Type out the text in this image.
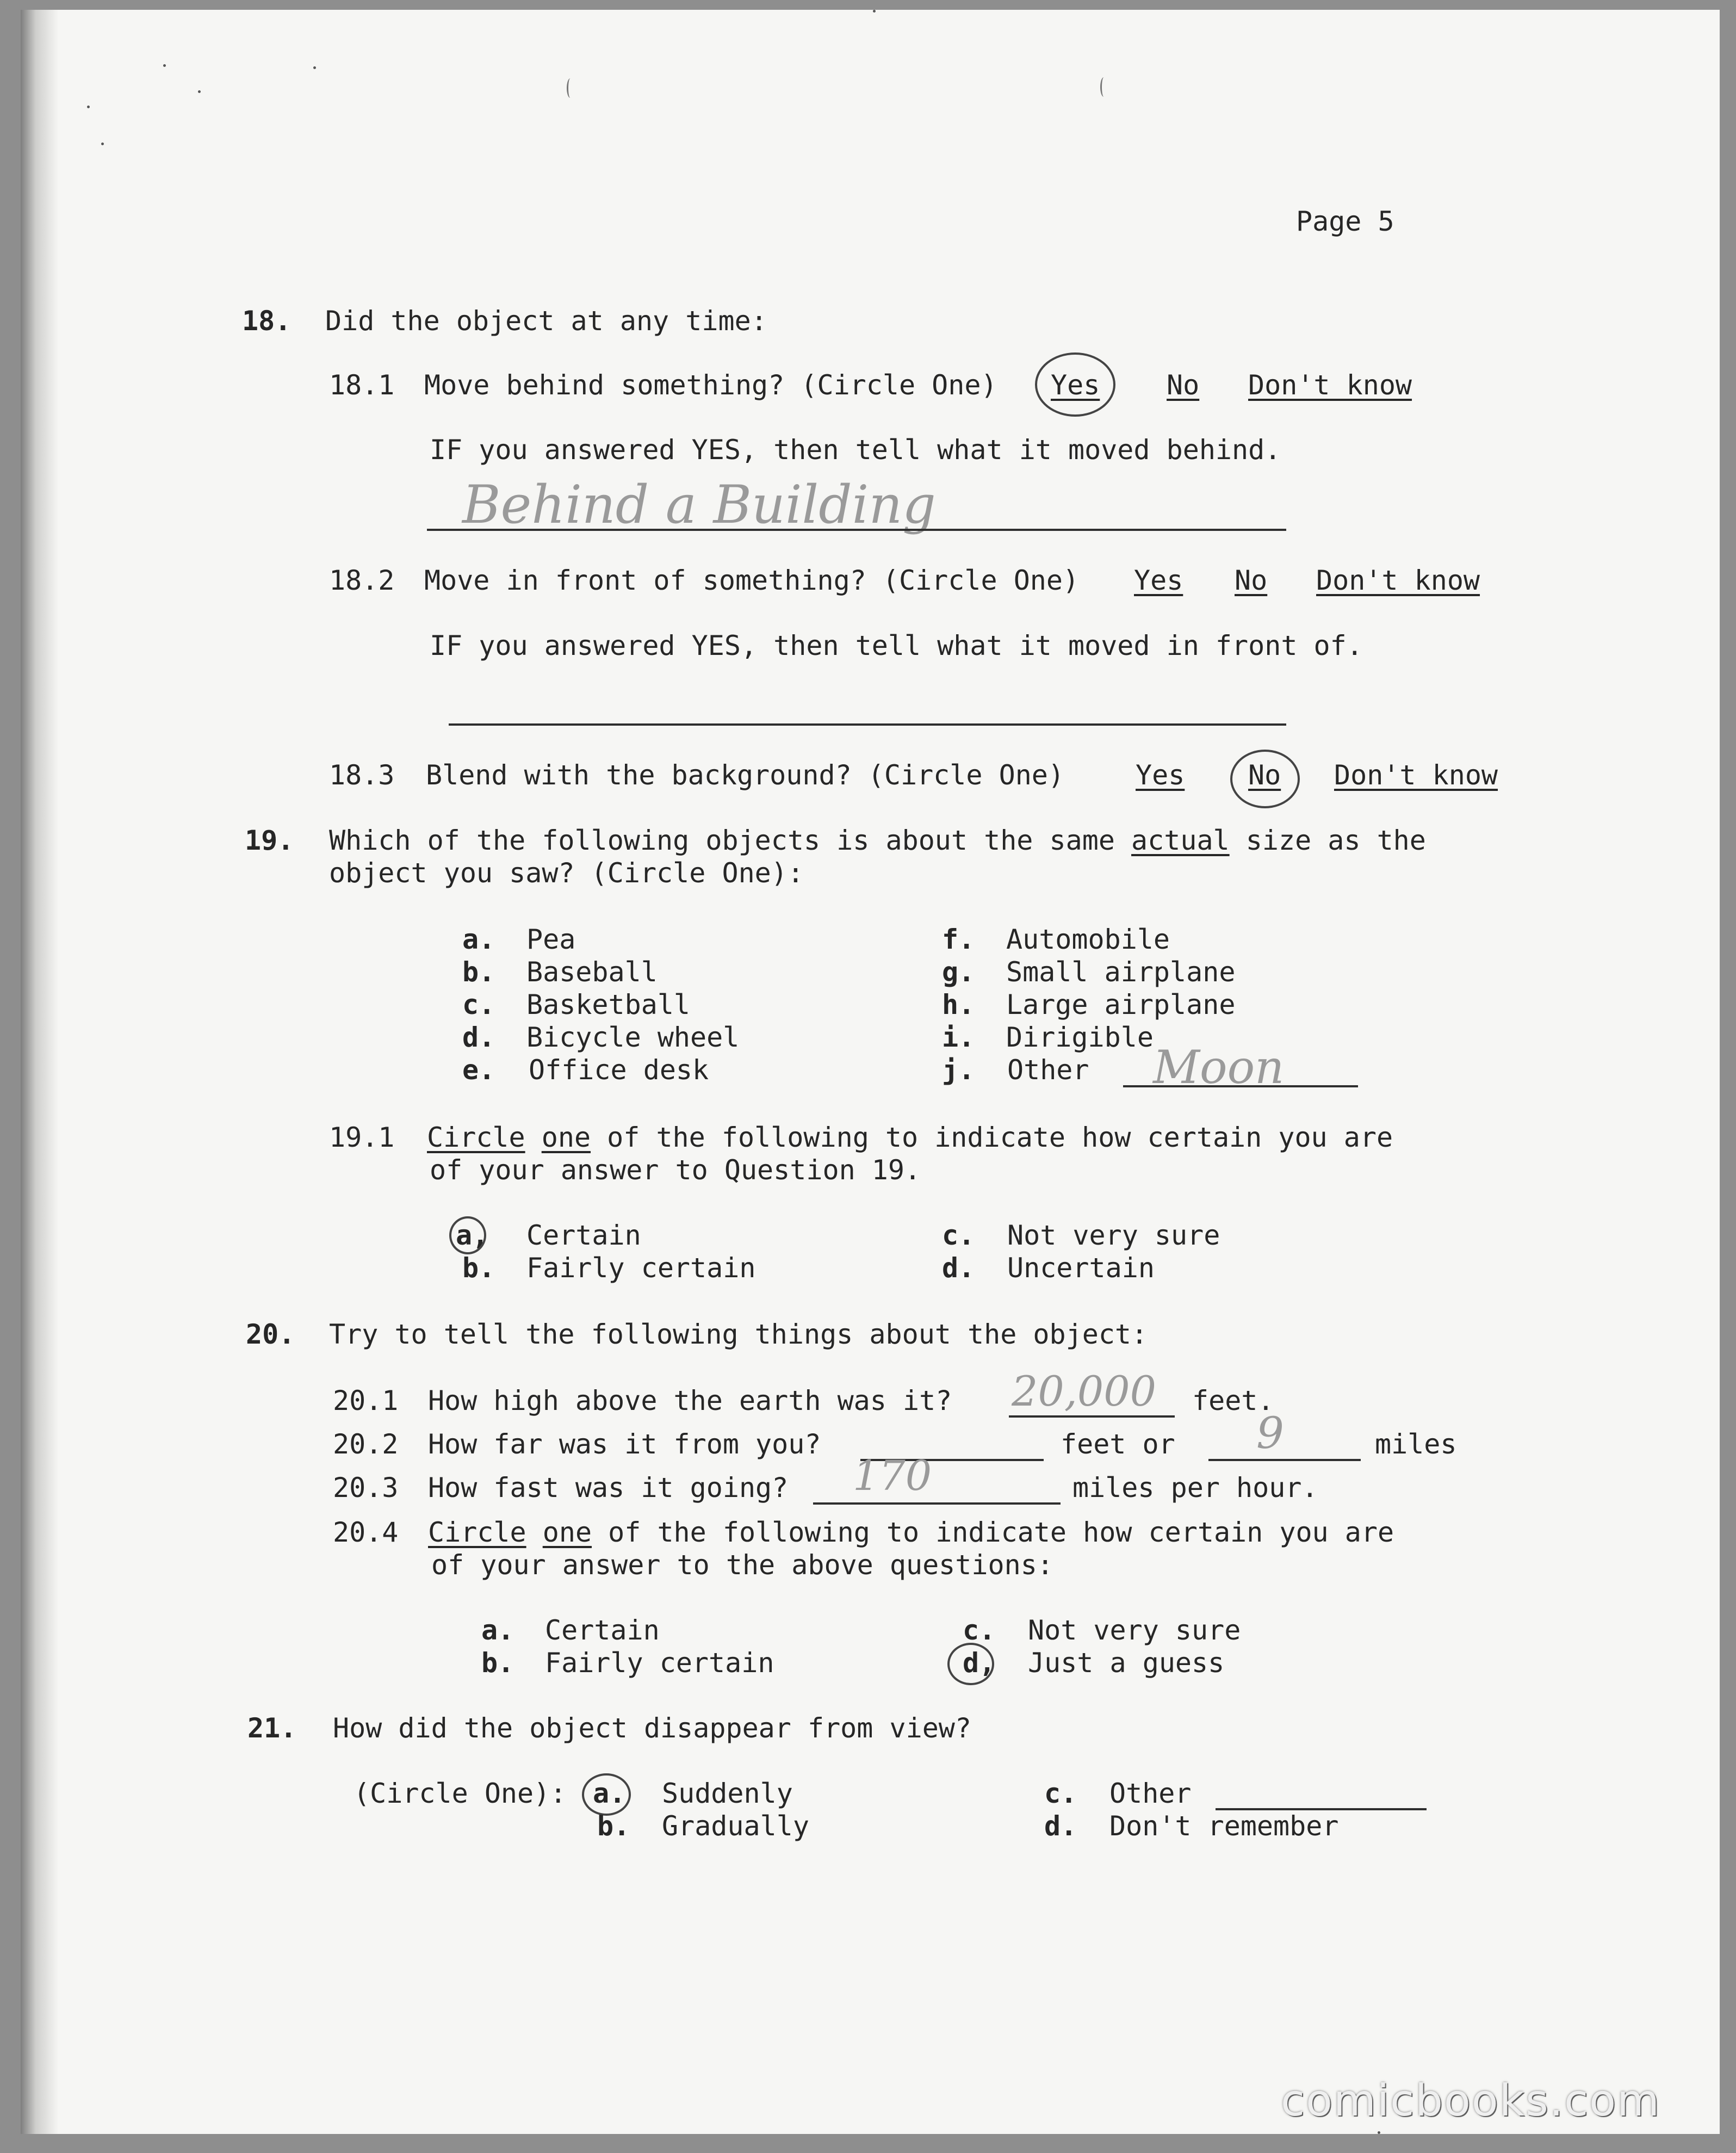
Page 5
18. Did the object at any time:
18.1 Move behind something? (Circle One) Yes No Don't know
IF you answered YES, then tell what it moved behind.
Behind a Building
18.2 Move in front of something? (Circle One) Yes No Don't know
IF you answered YES, then tell what it moved in front of.
18.3 Blend with the background? (Circle One)	Yes No Don't know
19. Which of the following objects is about the same actual size as the
object you saw? (Circle One):
a. Pea
b. Baseball
c. Basketball
d. Bicycle wheel
e. Office desk
f. Automobile
g. Small airplane
h. Large airplane
i. Dirigible
j. Other Moon
19.1 Circle one of the following to indicate how certain you are
of your answer to Question 19.
a, Certain
b. Fairly certain
c. Not very sure
d. Uncertain
20. Try to tell the following things about the object:
20.1 How high above the earth was it? 20,000 feet.
20.2 How far was it from you?	feet or 9	miles
20.3 How fast was it going? 170	miles per hour.
20.4 Circle one of the following to indicate how certain you are
of your answer to the above questions:
a. Certain
b. Fairly certain
c. Not very sure
d, Just a guess
21. How did the object disappear from view?
(Circle One): a. Suddenly
b. Gradually
c. Other
d. Don't remember
comicbooks.com
